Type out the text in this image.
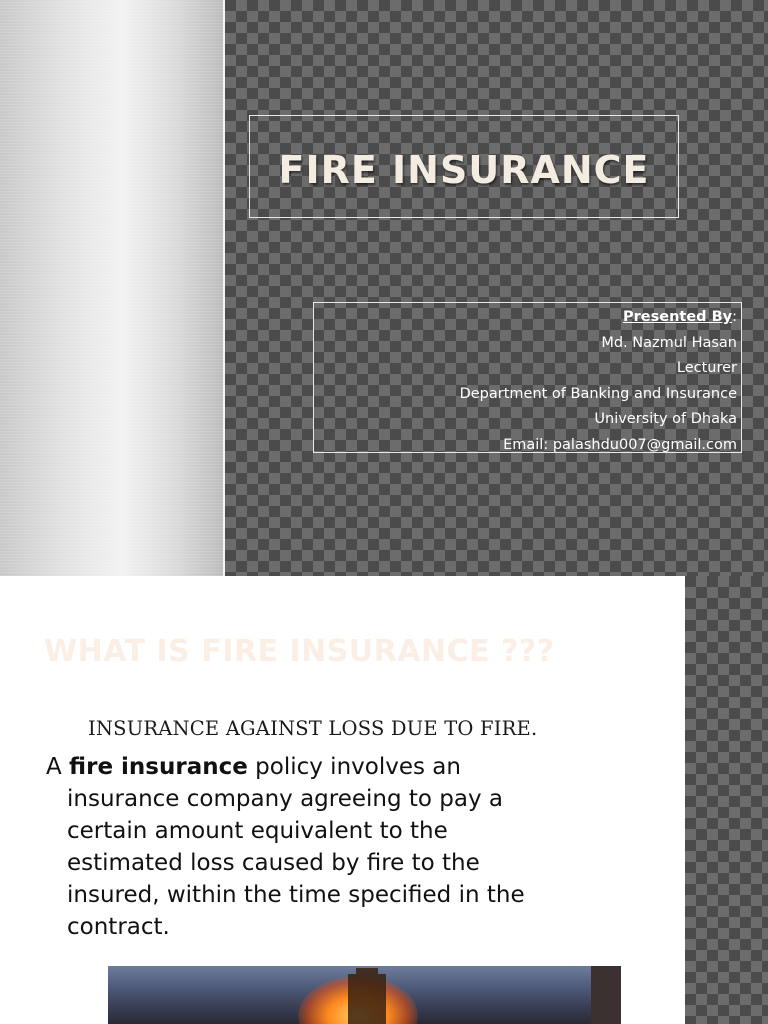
FIRE INSURANCE
Presented By:
Md. Nazmul Hasan
Lecturer
Department of Banking and Insurance
University of Dhaka
Email: palashdu007@gmail.com
WHAT IS FIRE INSURANCE ???
INSURANCE AGAINST LOSS DUE TO FIRE.
A fire insurance policy involves an
insurance company agreeing to pay a
certain amount equivalent to the
estimated loss caused by fire to the
insured, within the time specified in the
contract.
